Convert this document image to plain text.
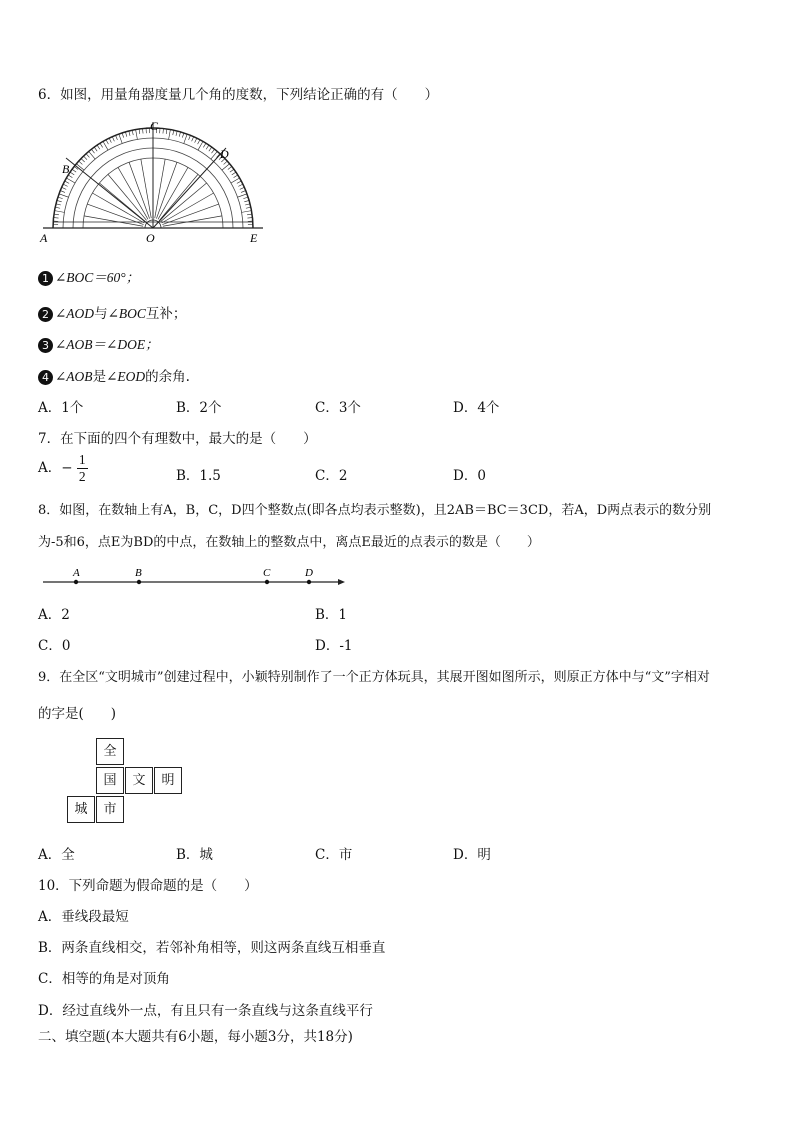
6．如图，用量角器度量几个角的度数，下列结论正确的有（　　）
A
B
C
D
O	E
1 ∠BOC＝60°；
2 ∠AOD与∠BOC互补；
3 ∠AOB＝∠DOE；
4 ∠AOB是∠EOD的余角.
A．1个	B．2个	C．3个	D．4个
7．在下面的四个有理数中，最大的是（　　）
A．− $\frac{1}{2}$	B．1.5	C．2	D．0
8．如图，在数轴上有A，B，C，D四个整数点(即各点均表示整数)，且2AB＝BC＝3CD，若A，D两点表示的数分别
为-5和6，点E为BD的中点，在数轴上的整数点中，离点E最近的点表示的数是（　　）
A	B	C	D
A．2	B．1
C．0	D．-1
9．在全区“文明城市”创建过程中，小颖特别制作了一个正方体玩具，其展开图如图所示，则原正方体中与“文”字相对
的字是(　　)
全
国	文	明
城	市
A．全	B．城	C．市	D．明
10．下列命题为假命题的是（　　）
A．垂线段最短
B．两条直线相交，若邻补角相等，则这两条直线互相垂直
C．相等的角是对顶角
D．经过直线外一点，有且只有一条直线与这条直线平行
二、填空题(本大题共有6小题，每小题3分，共18分)
